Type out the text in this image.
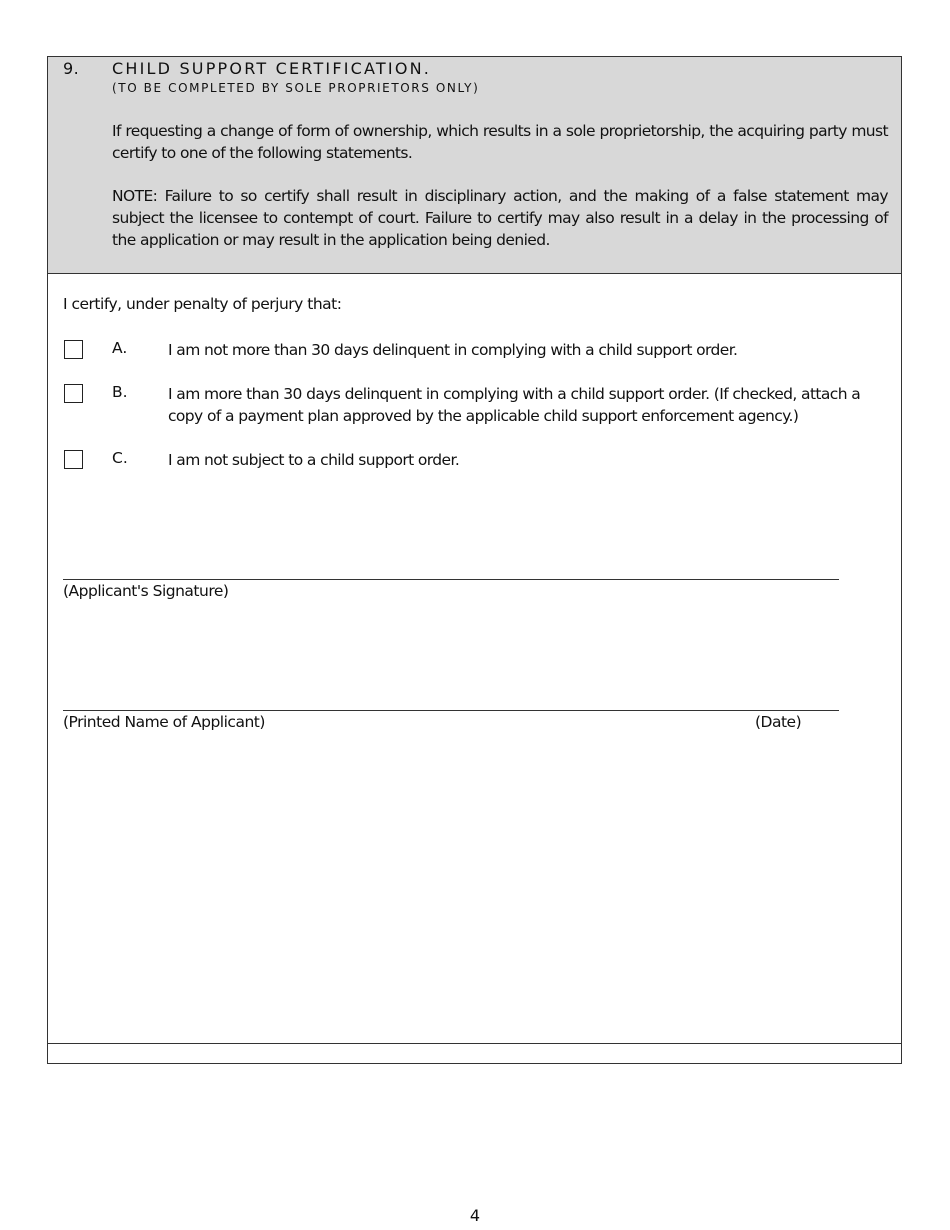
9. CHILD SUPPORT CERTIFICATION.
(TO BE COMPLETED BY SOLE PROPRIETORS ONLY)
If requesting a change of form of ownership, which results in a sole proprietorship, the acquiring party must certify to one of the following statements.
NOTE: Failure to so certify shall result in disciplinary action, and the making of a false statement may subject the licensee to contempt of court. Failure to certify may also result in a delay in the processing of the application or may result in the application being denied.
I certify, under penalty of perjury that:
A.	I am not more than 30 days delinquent in complying with a child support order.
B.	I am more than 30 days delinquent in complying with a child support order. (If checked, attach a copy of a payment plan approved by the applicable child support enforcement agency.)
C.	I am not subject to a child support order.
(Applicant's Signature)
(Printed Name of Applicant)	(Date)
4
